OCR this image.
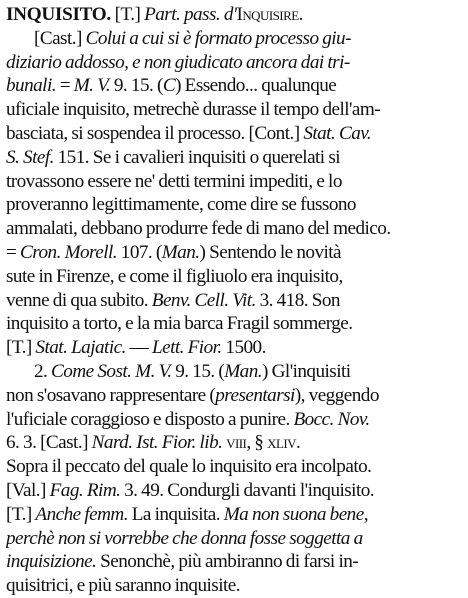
INQUISITO. [T.] Part. pass. d'Inquisire.
[Cast.] Colui a cui si è formato processo giu-
diziario addosso, e non giudicato ancora dai tri-
bunali. = M. V. 9. 15. (C) Essendo... qualunque
uficiale inquisito, metrechè durasse il tempo dell'am-
basciata, si sospendea il processo. [Cont.] Stat. Cav.
S. Stef. 151. Se i cavalieri inquisiti o querelati si
trovassono essere ne' detti termini impediti, e lo
proveranno legittimamente, come dire se fussono
ammalati, debbano produrre fede di mano del medico.
= Cron. Morell. 107. (Man.) Sentendo le novità
sute in Firenze, e come il figliuolo era inquisito,
venne di qua subito. Benv. Cell. Vit. 3. 418. Son
inquisito a torto, e la mia barca Fragil sommerge.
[T.] Stat. Lajatic. — Lett. Fior. 1500.
2. Come Sost. M. V. 9. 15. (Man.) Gl'inquisiti
non s'osavano rappresentare (presentarsi), veggendo
l'uficiale coraggioso e disposto a punire. Bocc. Nov.
6. 3. [Cast.] Nard. Ist. Fior. lib. viii, § xliv.
Sopra il peccato del quale lo inquisito era incolpato.
[Val.] Fag. Rim. 3. 49. Condurgli davanti l'inquisito.
[T.] Anche femm. La inquisita. Ma non suona bene,
perchè non si vorrebbe che donna fosse soggetta a
inquisizione. Senonchè, più ambiranno di farsi in-
quisitrici, e più saranno inquisite.
